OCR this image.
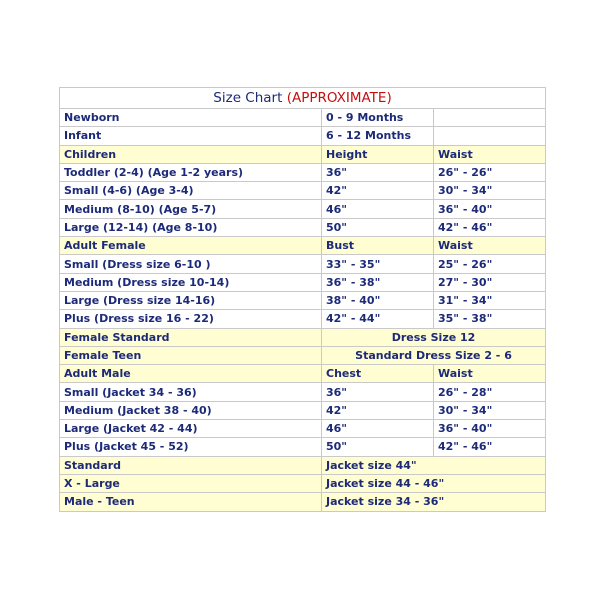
Size Chart (APPROXIMATE)		
Newborn	0 - 9 Months	
Infant	6 - 12 Months	
Children	Height	Waist
Toddler (2-4) (Age 1-2 years)	36"	26" - 26"
Small (4-6) (Age 3-4)	42"	30" - 34"
Medium (8-10) (Age 5-7)	46"	36" - 40"
Large (12-14) (Age 8-10)	50"	42" - 46"
Adult Female	Bust	Waist
Small (Dress size 6-10 )	33" - 35"	25" - 26"
Medium (Dress size 10-14)	36" - 38"	27" - 30"
Large (Dress size 14-16)	38" - 40"	31" - 34"
Plus (Dress size 16 - 22)	42" - 44"	35" - 38"
Female Standard	Dress Size 12	
Female Teen	Standard Dress Size 2 - 6	
Adult Male	Chest	Waist
Small (Jacket 34 - 36)	36"	26" - 28"
Medium (Jacket 38 - 40)	42"	30" - 34"
Large (Jacket 42 - 44)	46"	36" - 40"
Plus (Jacket 45 - 52)	50"	42" - 46"
Standard	Jacket size 44"	
X - Large	Jacket size 44 - 46"	
Male - Teen	Jacket size 34 - 36"	
